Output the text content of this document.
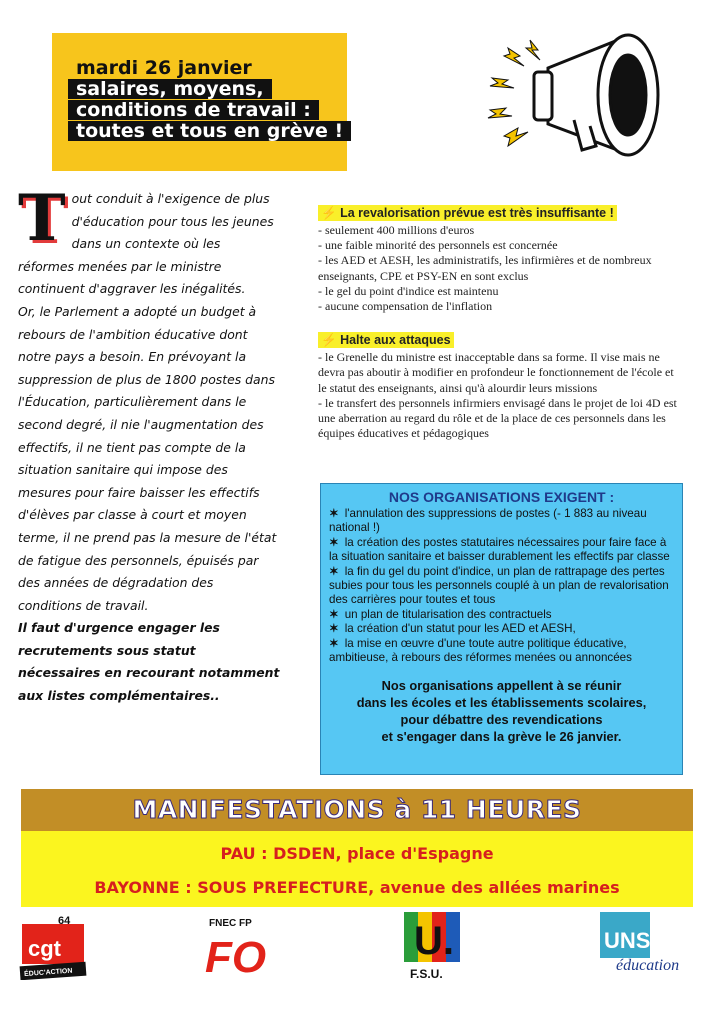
mardi 26 janvier
salaires, moyens,
conditions de travail :
toutes et tous en grève !
T out conduit à l'exigence de plus d'éducation pour tous les jeunes dans un contexte où les réformes menées par le ministre continuent d'aggraver les inégalités.

Or, le Parlement a adopté un budget à rebours de l'ambition éducative dont notre pays a besoin. En prévoyant la suppression de plus de 1800 postes dans l'Éducation, particulièrement dans le second degré, il nie l'augmentation des effectifs, il ne tient pas compte de la situation sanitaire qui impose des mesures pour faire baisser les effectifs d'élèves par classe à court et moyen terme, il ne prend pas la mesure de l'état de fatigue des personnels, épuisés par des années de dégradation des conditions de travail.

Il faut d'urgence engager les recrutements sous statut nécessaires en recourant notamment aux listes complémentaires..

⚡ La revalorisation prévue est très insuffisante !
- seulement 400 millions d'euros
- une faible minorité des personnels est concernée
- les AED et AESH, les administratifs, les infirmières et de nombreux enseignants, CPE et PSY-EN en sont exclus
- le gel du point d'indice est maintenu
- aucune compensation de l'inflation
⚡ Halte aux attaques
- le Grenelle du ministre est inacceptable dans sa forme. Il vise mais ne devra pas aboutir à modifier en profondeur le fonctionnement de l'école et le statut des enseignants, ainsi qu'à alourdir leurs missions
- le transfert des personnels infirmiers envisagé dans le projet de loi 4D est une aberration au regard du rôle et de la place de ces personnels dans les équipes éducatives et pédagogiques
NOS ORGANISATIONS EXIGENT :
✶ l'annulation des suppressions de postes (- 1 883 au niveau national !)
✶ la création des postes statutaires nécessaires pour faire face à la situation sanitaire et baisser durablement les effectifs par classe
✶ la fin du gel du point d'indice, un plan de rattrapage des pertes subies pour tous les personnels couplé à un plan de revalorisation des carrières pour toutes et tous
✶ un plan de titularisation des contractuels
✶ la création d'un statut pour les AED et AESH,
✶ la mise en œuvre d'une toute autre politique éducative, ambitieuse, à rebours des réformes menées ou annoncées
Nos organisations appellent à se réunir
dans les écoles et les établissements scolaires,
pour débattre des revendications
et s'engager dans la grève le 26 janvier.
MANIFESTATIONS à 11 HEURES
PAU : DSDEN, place d'Espagne
BAYONNE : SOUS PREFECTURE, avenue des allées marines
64
cgt
ÉDUC'ACTION
FNEC FP
FO	U.
F.S.U.
UNSA
éducation
